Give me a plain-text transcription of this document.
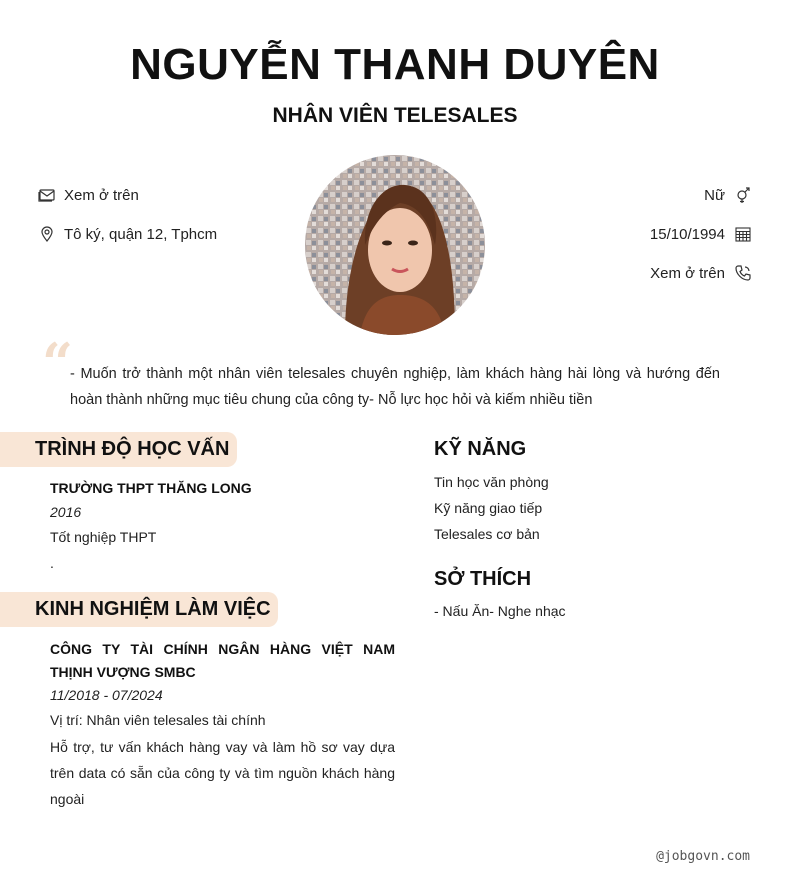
NGUYỄN THANH DUYÊN
NHÂN VIÊN TELESALES
Xem ở trên
Tô ký, quận 12, Tphcm
Nữ
15/10/1994
Xem ở trên
“

- Muốn trở thành một nhân viên telesales chuyên nghiệp, làm khách hàng hài lòng và hướng đến hoàn thành những mục tiêu chung của công ty- Nỗ lực học hỏi và kiếm nhiều tiền

TRÌNH ĐỘ HỌC VẤN
TRƯỜNG THPT THĂNG LONG
2016
Tốt nghiệp THPT
.
KINH NGHIỆM LÀM VIỆC
CÔNG TY TÀI CHÍNH NGÂN HÀNG VIỆT NAM THỊNH VƯỢNG SMBC
11/2018 - 07/2024
Vị trí: Nhân viên telesales tài chính

Hỗ trợ, tư vấn khách hàng vay và làm hồ sơ vay dựa trên data có sẵn của công ty và tìm nguồn khách hàng ngoài

KỸ NĂNG
Tin học văn phòng
Kỹ năng giao tiếp
Telesales cơ bản
SỞ THÍCH
- Nấu Ăn- Nghe nhạc
@jobgovn.com
